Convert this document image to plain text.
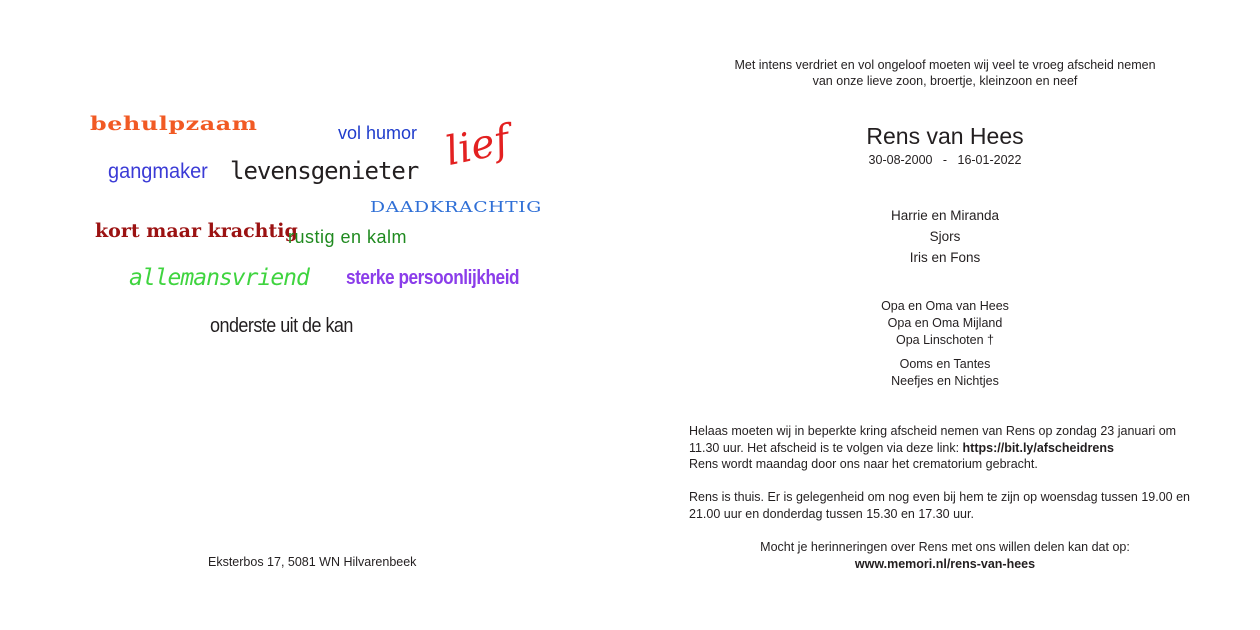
behulpzaam	vol humor lief
gangmaker levensgenieter
DAADKRACHTIG
kort maar krachtig
rustig en kalm
allemansvriend sterke persoonlijkheid
onderste uit de kan
Eksterbos 17, 5081 WN Hilvarenbeek
Met intens verdriet en vol ongeloof moeten wij veel te vroeg afscheid nemen
van onze lieve zoon, broertje, kleinzoon en neef
Rens van Hees
30-08-2000   -   16-01-2022
Harrie en Miranda
Sjors
Iris en Fons
Opa en Oma van Hees
Opa en Oma Mijland
Opa Linschoten †
Ooms en Tantes
Neefjes en Nichtjes
Helaas moeten wij in beperkte kring afscheid nemen van Rens op zondag 23 januari om 11.30 uur. Het afscheid is te volgen via deze link: https://bit.ly/afscheidrens
Rens wordt maandag door ons naar het crematorium gebracht.
Rens is thuis. Er is gelegenheid om nog even bij hem te zijn op woensdag tussen 19.00 en 21.00 uur en donderdag tussen 15.30 en 17.30 uur.
Mocht je herinneringen over Rens met ons willen delen kan dat op:
www.memori.nl/rens-van-hees
